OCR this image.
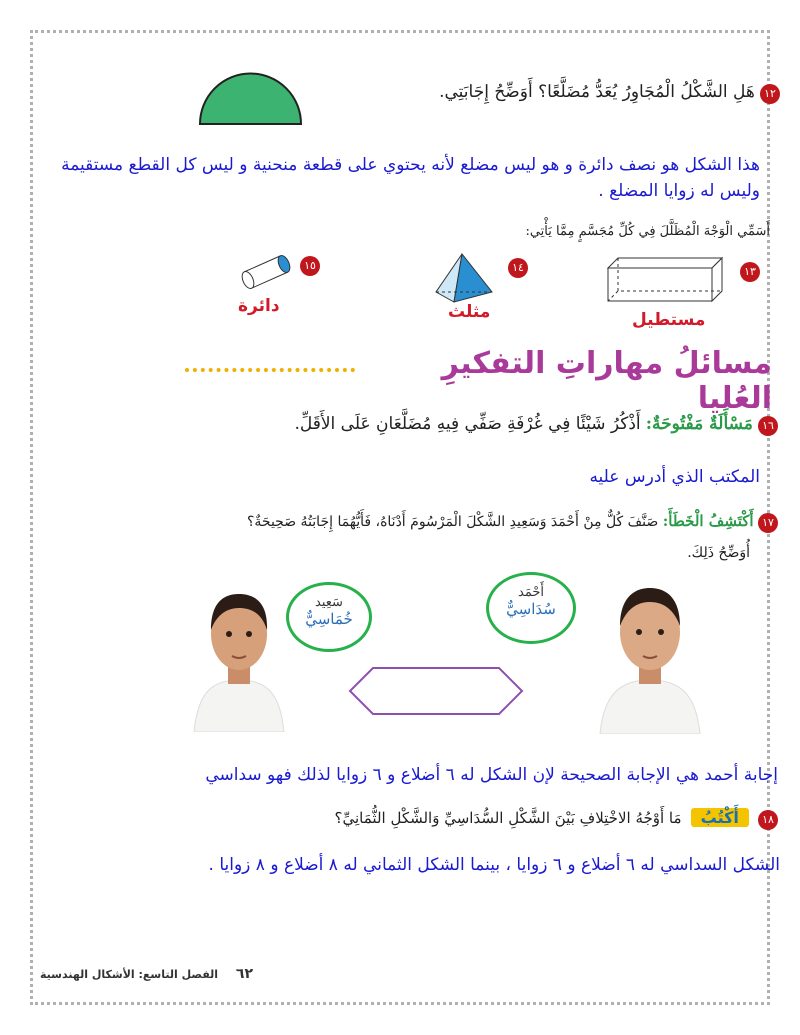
١٢ هَلِ الشَّكْلُ الْمُجَاوِرُ يُعَدُّ مُضَلَّعًا؟ أَوَضِّحُ إِجَابَتِي.
هذا الشكل هو نصف دائرة و هو ليس مضلع لأنه يحتوي على قطعة منحنية و ليس كل القطع مستقيمة وليس له زوايا المضلع .
أَسَمِّي الْوَجْهَ الْمُظَلَّلَ فِي كُلِّ مُجَسَّمٍ مِمَّا يَأْتِي:
١٣
مستطيل
١٤
مثلث
١٥
دائرة
مسائلُ مهاراتِ التفكيرِ العُليا
١٦ مَسْأَلَةٌ مَفْتُوحَةٌ: أَذْكُرُ شَيْئًا فِي غُرْفَةِ صَفِّي فِيهِ مُضَلَّعَانِ عَلَى الأَقَلِّ.
المكتب الذي أدرس عليه
١٧ أَكْتَشِفُ الْخَطَأَ: صَنَّفَ كُلٌّ مِنْ أَحْمَدَ وَسَعِيدِ الشَّكْلَ الْمَرْسُومَ أَدْنَاهُ، فَأَيُّهُمَا إِجَابَتُهُ صَحِيحَةٌ؟
أُوَضِّحُ ذَلِكَ.
سَعِيد
خُمَاسِيٌّ
أَحْمَد
سُدَاسِيٌّ
إجابة أحمد هي الإجابة الصحيحة لإن الشكل له ٦ أضلاع و ٦ زوايا لذلك فهو سداسي
١٨ أَكْتُبُ مَا أَوْجُهُ الاخْتِلافِ بَيْنَ الشَّكْلِ السُّدَاسِيِّ وَالشَّكْلِ الثُّمَانِيِّ؟
الشكل السداسي له ٦ أضلاع و ٦ زوايا ، بينما الشكل الثماني له ٨ أضلاع و ٨ زوايا .
٦٢ الفصل التاسع: الأشكال الهندسية
